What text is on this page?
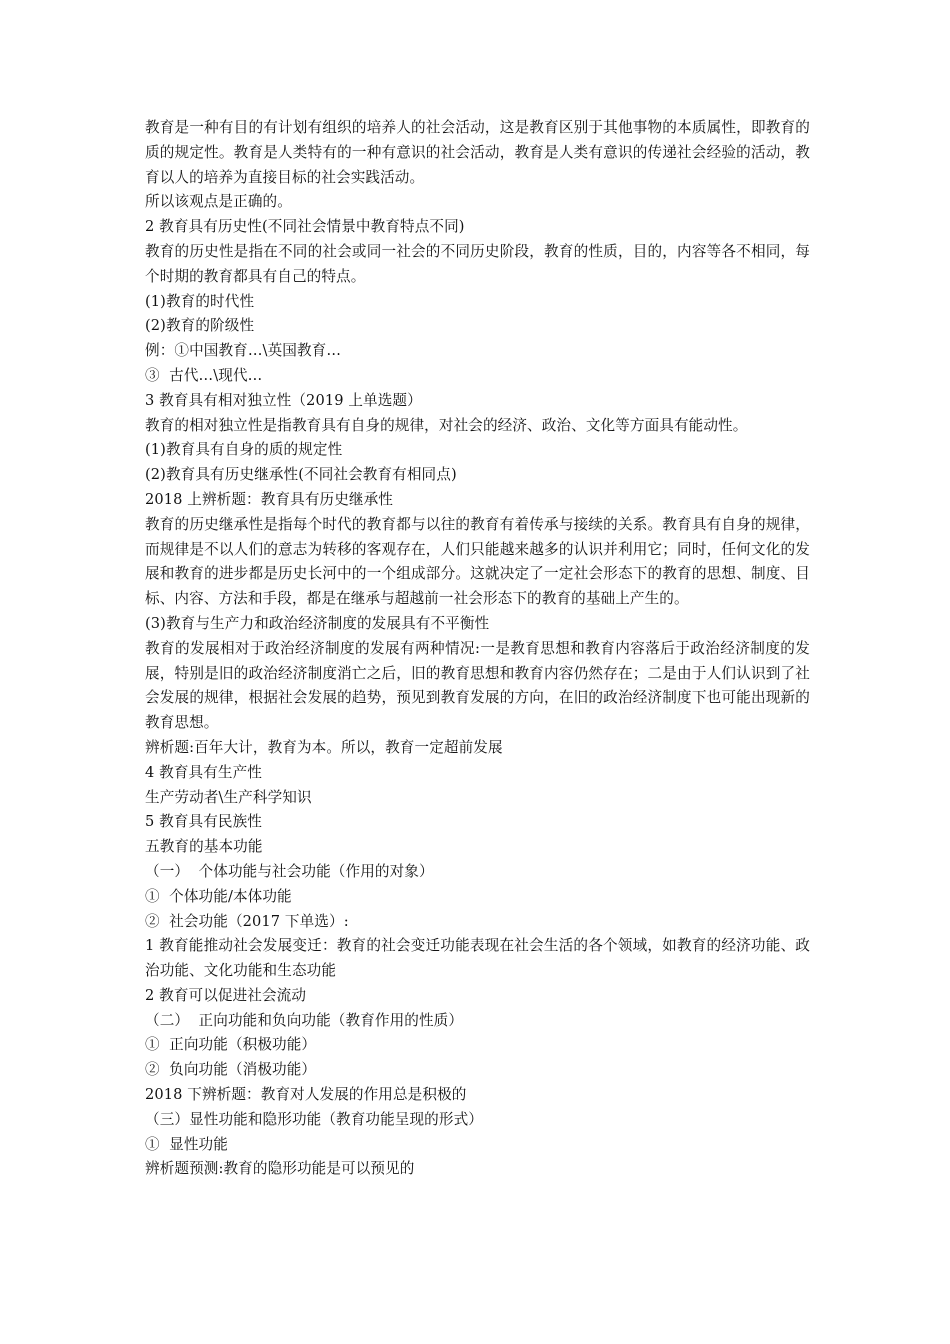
教育是一种有目的有计划有组织的培养人的社会活动，这是教育区别于其他事物的本质属性，即教育的质的规定性。教育是人类特有的一种有意识的社会活动，教育是人类有意识的传递社会经验的活动，教育以人的培养为直接目标的社会实践活动。

所以该观点是正确的。

2 教育具有历史性(不同社会情景中教育特点不同)

教育的历史性是指在不同的社会或同一社会的不同历史阶段，教育的性质，目的，内容等各不相同，每个时期的教育都具有自己的特点。

(1)教育的时代性

(2)教育的阶级性

例：①中国教育…\英国教育…

③  古代…\现代…

3 教育具有相对独立性（2019 上单选题）

教育的相对独立性是指教育具有自身的规律，对社会的经济、政治、文化等方面具有能动性。

(1)教育具有自身的质的规定性

(2)教育具有历史继承性(不同社会教育有相同点)

2018 上辨析题：教育具有历史继承性

教育的历史继承性是指每个时代的教育都与以往的教育有着传承与接续的关系。教育具有自身的规律，而规律是不以人们的意志为转移的客观存在，人们只能越来越多的认识并利用它；同时，任何文化的发展和教育的进步都是历史长河中的一个组成部分。这就决定了一定社会形态下的教育的思想、制度、目标、内容、方法和手段，都是在继承与超越前一社会形态下的教育的基础上产生的。

(3)教育与生产力和政治经济制度的发展具有不平衡性

教育的发展相对于政治经济制度的发展有两种情况:一是教育思想和教育内容落后于政治经济制度的发展，特别是旧的政治经济制度消亡之后，旧的教育思想和教育内容仍然存在；二是由于人们认识到了社会发展的规律，根据社会发展的趋势，预见到教育发展的方向，在旧的政治经济制度下也可能出现新的教育思想。

辨析题:百年大计，教育为本。所以，教育一定超前发展

4 教育具有生产性

生产劳动者\生产科学知识

5 教育具有民族性

五教育的基本功能

（一）  个体功能与社会功能（作用的对象）

①  个体功能/本体功能

②  社会功能（2017 下单选）:

1 教育能推动社会发展变迁：教育的社会变迁功能表现在社会生活的各个领域，如教育的经济功能、政治功能、文化功能和生态功能

2 教育可以促进社会流动

（二）  正向功能和负向功能（教育作用的性质）

①  正向功能（积极功能）

②  负向功能（消极功能）

2018 下辨析题：教育对人发展的作用总是积极的

（三）显性功能和隐形功能（教育功能呈现的形式）

①  显性功能

辨析题预测:教育的隐形功能是可以预见的
